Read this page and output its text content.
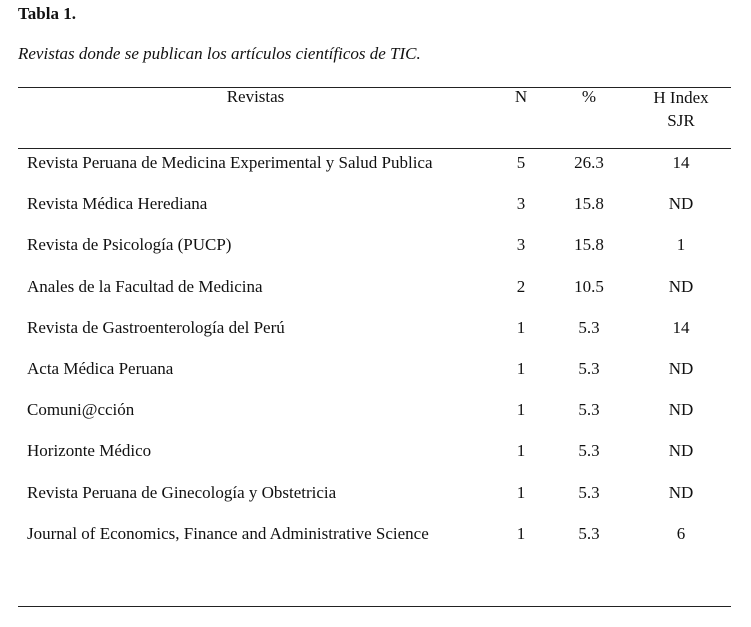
Tabla 1.
Revistas donde se publican los artículos científicos de TIC.
Revistas	N	%	H Index
SJR
Revista Peruana de Medicina Experimental y Salud Publica	5	26.3	14
Revista Médica Herediana	3	15.8	ND
Revista de Psicología (PUCP)	3	15.8	1
Anales de la Facultad de Medicina	2	10.5	ND
Revista de Gastroenterología del Perú	1	5.3	14
Acta Médica Peruana	1	5.3	ND
Comuni@cción	1	5.3	ND
Horizonte Médico	1	5.3	ND
Revista Peruana de Ginecología y Obstetricia	1	5.3	ND
Journal of Economics, Finance and Administrative Science	1	5.3	6
